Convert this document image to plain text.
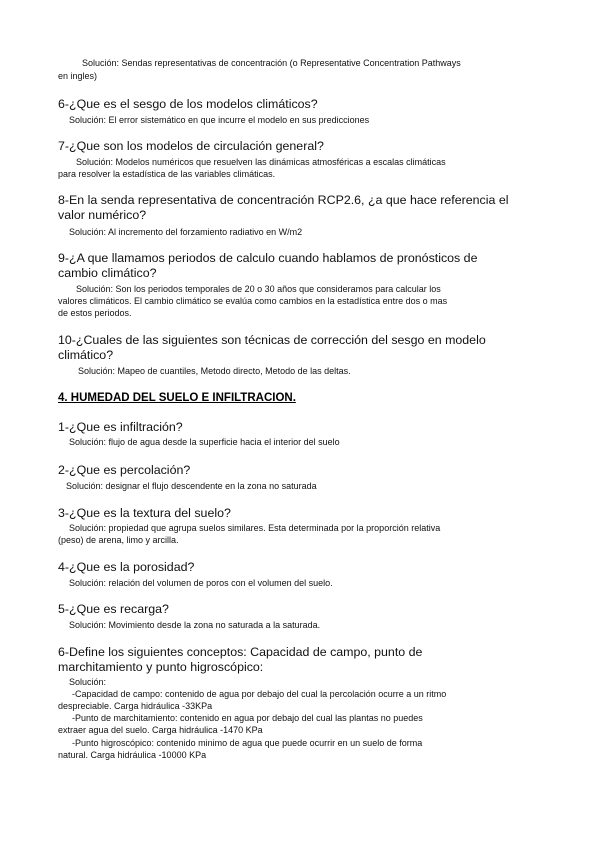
Solución: Sendas representativas de concentración (o Representative Concentration Pathways
en ingles)
6-¿Que es el sesgo de los modelos climáticos?
Solución: El error sistemático en que incurre el modelo en sus predicciones
7-¿Que son los modelos de circulación general?
Solución: Modelos numéricos que resuelven las dinámicas atmosféricas a escalas climáticas
para resolver la estadística de las variables climáticas.
8-En la senda representativa de concentración RCP2.6, ¿a que hace referencia el
valor numérico?
Solución: Al incremento del forzamiento radiativo en W/m2
9-¿A que llamamos periodos de calculo cuando hablamos de pronósticos de
cambio climático?
Solución: Son los periodos temporales de 20 o 30 años que consideramos para calcular los
valores climáticos. El cambio climático se evalúa como cambios en la estadística entre dos o mas
de estos periodos.
10-¿Cuales de las siguientes son técnicas de corrección del sesgo en modelo
climático?
Solución: Mapeo de cuantiles, Metodo directo, Metodo de las deltas.
4. HUMEDAD DEL SUELO E INFILTRACION.
1-¿Que es infiltración?
Solución: flujo de agua desde la superficie hacia el interior del suelo
2-¿Que es percolación?
Solución: designar el flujo descendente en la zona no saturada
3-¿Que es la textura del suelo?
Solución: propiedad que agrupa suelos similares. Esta determinada por la proporción relativa
(peso) de arena, limo y arcilla.
4-¿Que es la porosidad?
Solución: relación del volumen de poros con el volumen del suelo.
5-¿Que es recarga?
Solución: Movimiento desde la zona no saturada a la saturada.
6-Define los siguientes conceptos: Capacidad de campo, punto de
marchitamiento y punto higroscópico:
Solución:
-Capacidad de campo: contenido de agua por debajo del cual la percolación ocurre a un ritmo
despreciable. Carga hidráulica -33KPa
-Punto de marchitamiento: contenido en agua por debajo del cual las plantas no puedes
extraer agua del suelo. Carga hidráulica -1470 KPa
-Punto higroscópico: contenido minimo de agua que puede ocurrir en un suelo de forma
natural. Carga hidráulica -10000 KPa
